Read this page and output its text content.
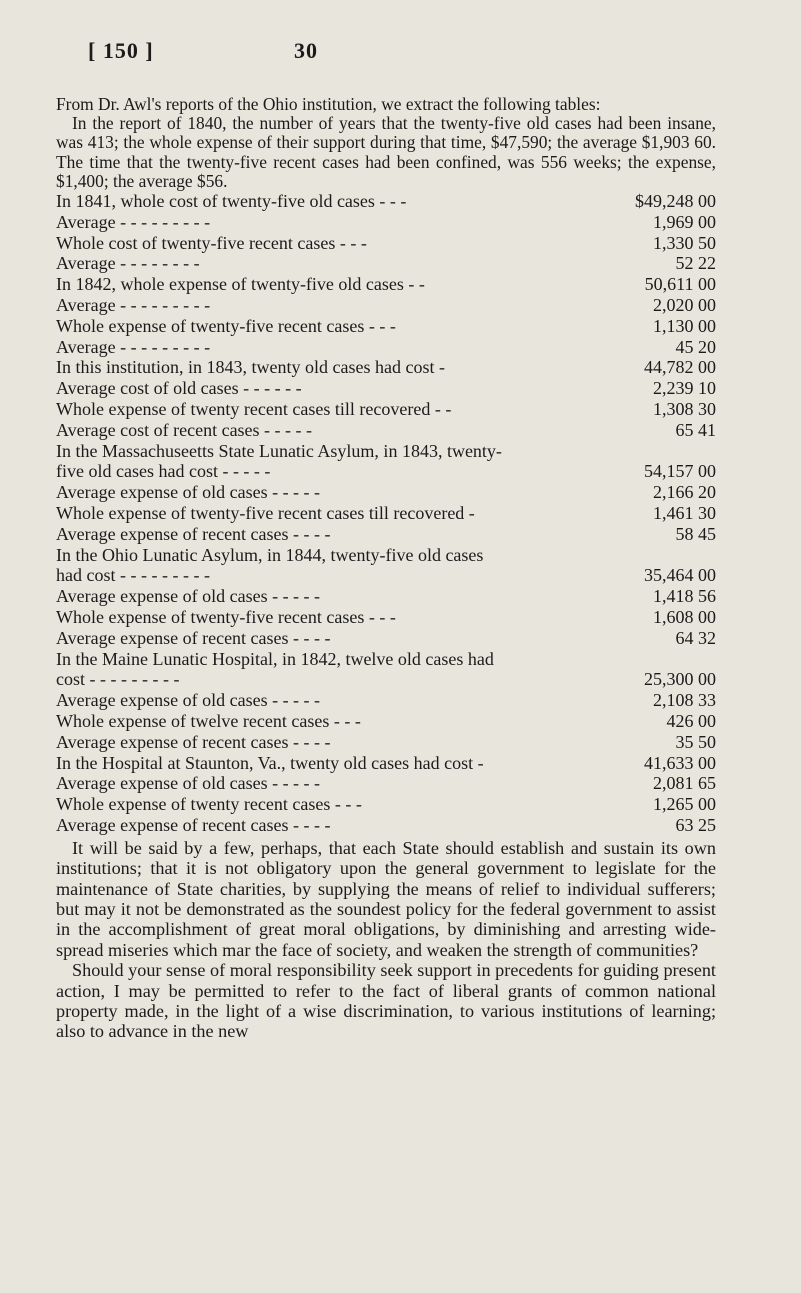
[ 150 ]	30

From Dr. Awl's reports of the Ohio institution, we extract the following tables:

In the report of 1840, the number of years that the twenty-five old cases had been insane, was 413; the whole expense of their support during that time, $47,590; the average $1,903 60. The time that the twenty-five recent cases had been confined, was 556 weeks; the expense, $1,400; the average $56.

In 1841, whole cost of twenty-five old cases - - -	$49,248 00
Average - - - - - - - - -	1,969 00
Whole cost of twenty-five recent cases - - -	1,330 50
Average - - - - - - - -	52 22
In 1842, whole expense of twenty-five old cases - -	50,611 00
Average - - - - - - - - -	2,020 00
Whole expense of twenty-five recent cases - - -	1,130 00
Average - - - - - - - - -	45 20
In this institution, in 1843, twenty old cases had cost -	44,782 00
Average cost of old cases - - - - - -	2,239 10
Whole expense of twenty recent cases till recovered - -	1,308 30
Average cost of recent cases - - - - -	65 41
In the Massachuseetts State Lunatic Asylum, in 1843, twenty-
five old cases had cost - - - - -	54,157 00
Average expense of old cases - - - - -	2,166 20
Whole expense of twenty-five recent cases till recovered -	1,461 30
Average expense of recent cases - - - -	58 45
In the Ohio Lunatic Asylum, in 1844, twenty-five old cases
had cost - - - - - - - - -	35,464 00
Average expense of old cases - - - - -	1,418 56
Whole expense of twenty-five recent cases - - -	1,608 00
Average expense of recent cases - - - -	64 32
In the Maine Lunatic Hospital, in 1842, twelve old cases had
cost - - - - - - - - -	25,300 00
Average expense of old cases - - - - -	2,108 33
Whole expense of twelve recent cases - - -	426 00
Average expense of recent cases - - - -	35 50
In the Hospital at Staunton, Va., twenty old cases had cost -	41,633 00
Average expense of old cases - - - - -	2,081 65
Whole expense of twenty recent cases - - -	1,265 00
Average expense of recent cases - - - -	63 25

It will be said by a few, perhaps, that each State should establish and sustain its own institutions; that it is not obligatory upon the general government to legislate for the maintenance of State charities, by supplying the means of relief to individual sufferers; but may it not be demonstrated as the soundest policy for the federal government to assist in the accomplishment of great moral obligations, by diminishing and arresting wide-spread miseries which mar the face of society, and weaken the strength of communities?

Should your sense of moral responsibility seek support in precedents for guiding present action, I may be permitted to refer to the fact of liberal grants of common national property made, in the light of a wise discrimination, to various institutions of learning; also to advance in the new
